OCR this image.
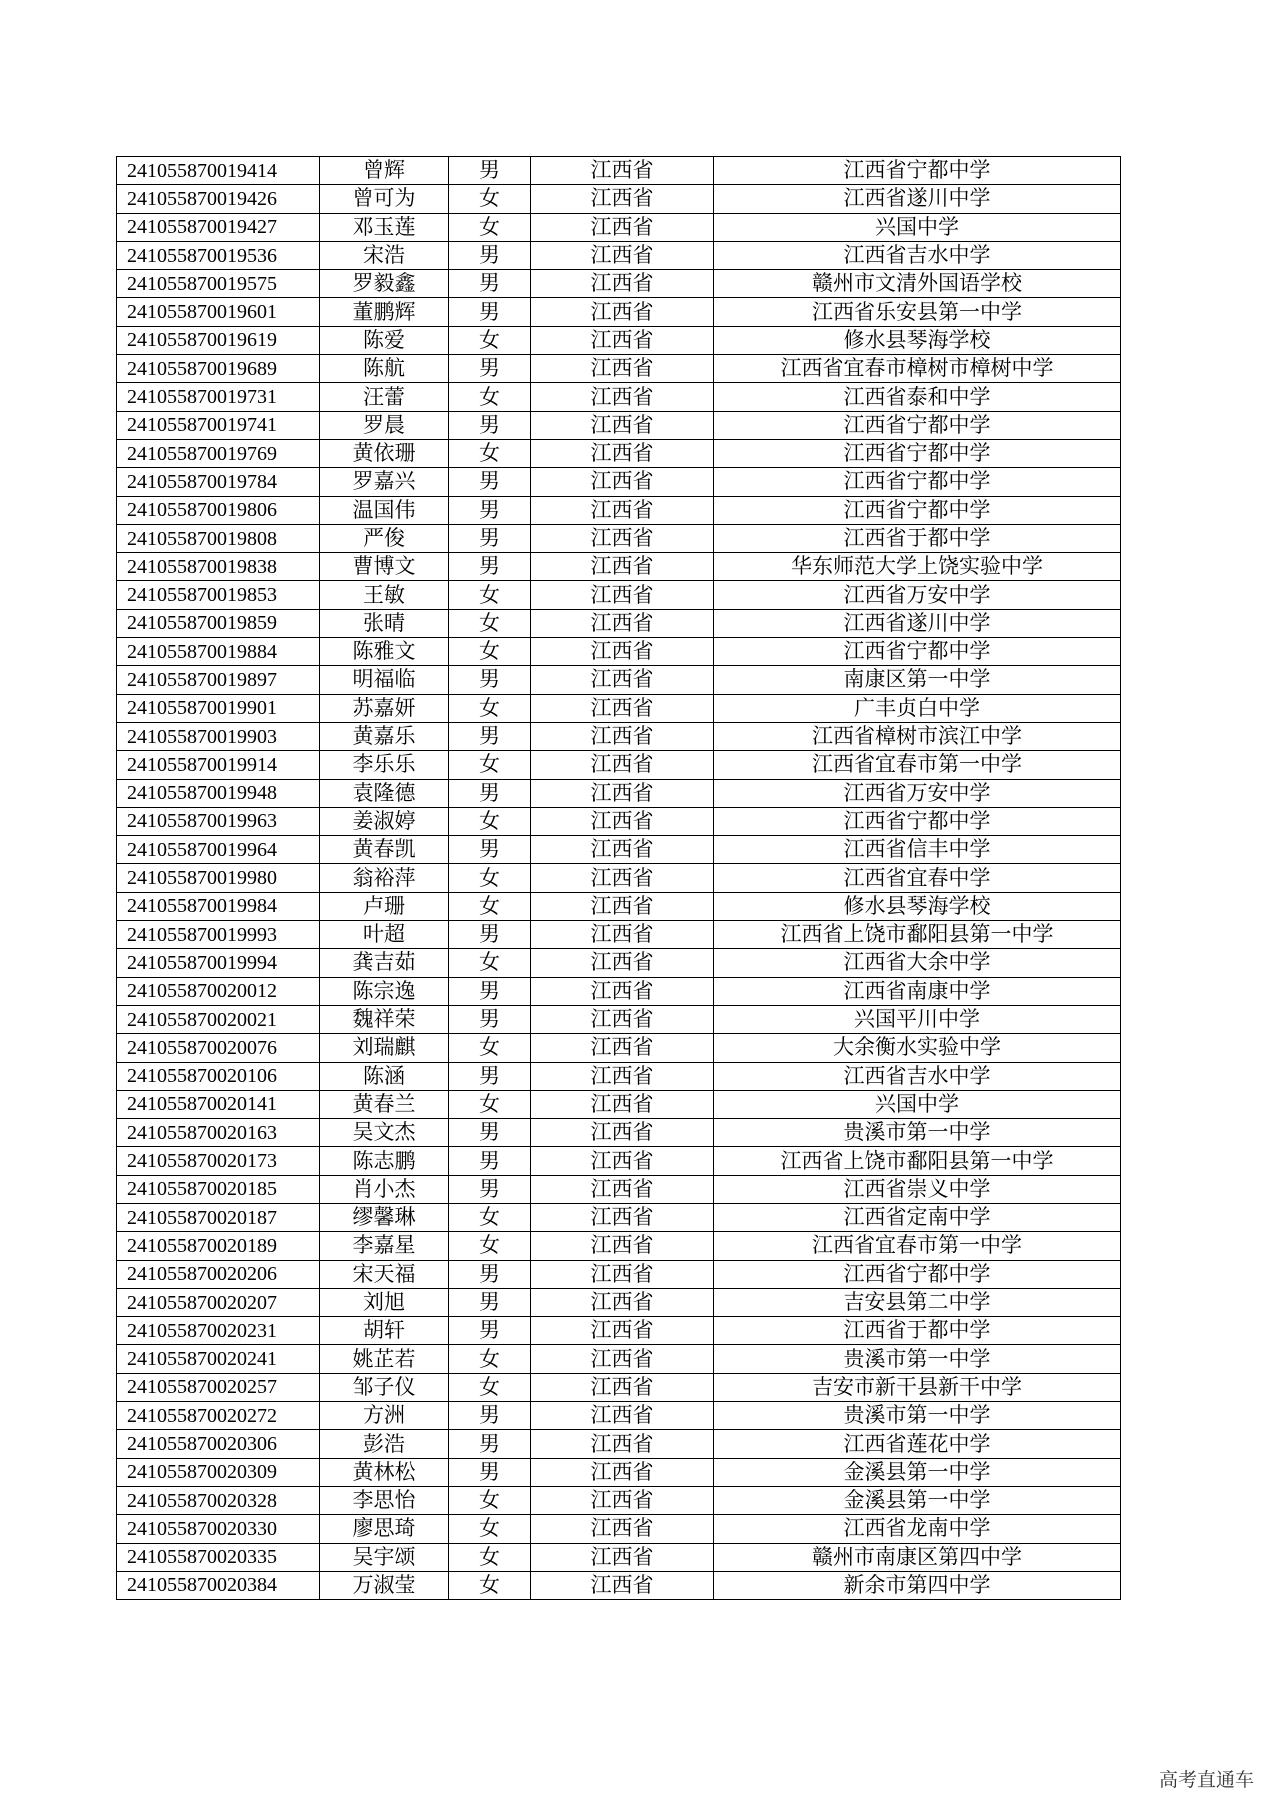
241055870019414	曾辉	男	江西省	江西省宁都中学
241055870019426	曾可为	女	江西省	江西省遂川中学
241055870019427	邓玉莲	女	江西省	兴国中学
241055870019536	宋浩	男	江西省	江西省吉水中学
241055870019575	罗毅鑫	男	江西省	赣州市文清外国语学校
241055870019601	董鹏辉	男	江西省	江西省乐安县第一中学
241055870019619	陈爱	女	江西省	修水县琴海学校
241055870019689	陈航	男	江西省	江西省宜春市樟树市樟树中学
241055870019731	汪蕾	女	江西省	江西省泰和中学
241055870019741	罗晨	男	江西省	江西省宁都中学
241055870019769	黄依珊	女	江西省	江西省宁都中学
241055870019784	罗嘉兴	男	江西省	江西省宁都中学
241055870019806	温国伟	男	江西省	江西省宁都中学
241055870019808	严俊	男	江西省	江西省于都中学
241055870019838	曹博文	男	江西省	华东师范大学上饶实验中学
241055870019853	王敏	女	江西省	江西省万安中学
241055870019859	张晴	女	江西省	江西省遂川中学
241055870019884	陈雅文	女	江西省	江西省宁都中学
241055870019897	明福临	男	江西省	南康区第一中学
241055870019901	苏嘉妍	女	江西省	广丰贞白中学
241055870019903	黄嘉乐	男	江西省	江西省樟树市滨江中学
241055870019914	李乐乐	女	江西省	江西省宜春市第一中学
241055870019948	袁隆德	男	江西省	江西省万安中学
241055870019963	姜淑婷	女	江西省	江西省宁都中学
241055870019964	黄春凯	男	江西省	江西省信丰中学
241055870019980	翁裕萍	女	江西省	江西省宜春中学
241055870019984	卢珊	女	江西省	修水县琴海学校
241055870019993	叶超	男	江西省	江西省上饶市鄱阳县第一中学
241055870019994	龚吉茹	女	江西省	江西省大余中学
241055870020012	陈宗逸	男	江西省	江西省南康中学
241055870020021	魏祥荣	男	江西省	兴国平川中学
241055870020076	刘瑞麒	女	江西省	大余衡水实验中学
241055870020106	陈涵	男	江西省	江西省吉水中学
241055870020141	黄春兰	女	江西省	兴国中学
241055870020163	吴文杰	男	江西省	贵溪市第一中学
241055870020173	陈志鹏	男	江西省	江西省上饶市鄱阳县第一中学
241055870020185	肖小杰	男	江西省	江西省崇义中学
241055870020187	缪馨琳	女	江西省	江西省定南中学
241055870020189	李嘉星	女	江西省	江西省宜春市第一中学
241055870020206	宋天福	男	江西省	江西省宁都中学
241055870020207	刘旭	男	江西省	吉安县第二中学
241055870020231	胡轩	男	江西省	江西省于都中学
241055870020241	姚芷若	女	江西省	贵溪市第一中学
241055870020257	邹子仪	女	江西省	吉安市新干县新干中学
241055870020272	方洲	男	江西省	贵溪市第一中学
241055870020306	彭浩	男	江西省	江西省莲花中学
241055870020309	黄林松	男	江西省	金溪县第一中学
241055870020328	李思怡	女	江西省	金溪县第一中学
241055870020330	廖思琦	女	江西省	江西省龙南中学
241055870020335	吴宇颂	女	江西省	赣州市南康区第四中学
241055870020384	万淑莹	女	江西省	新余市第四中学
高考直通车
